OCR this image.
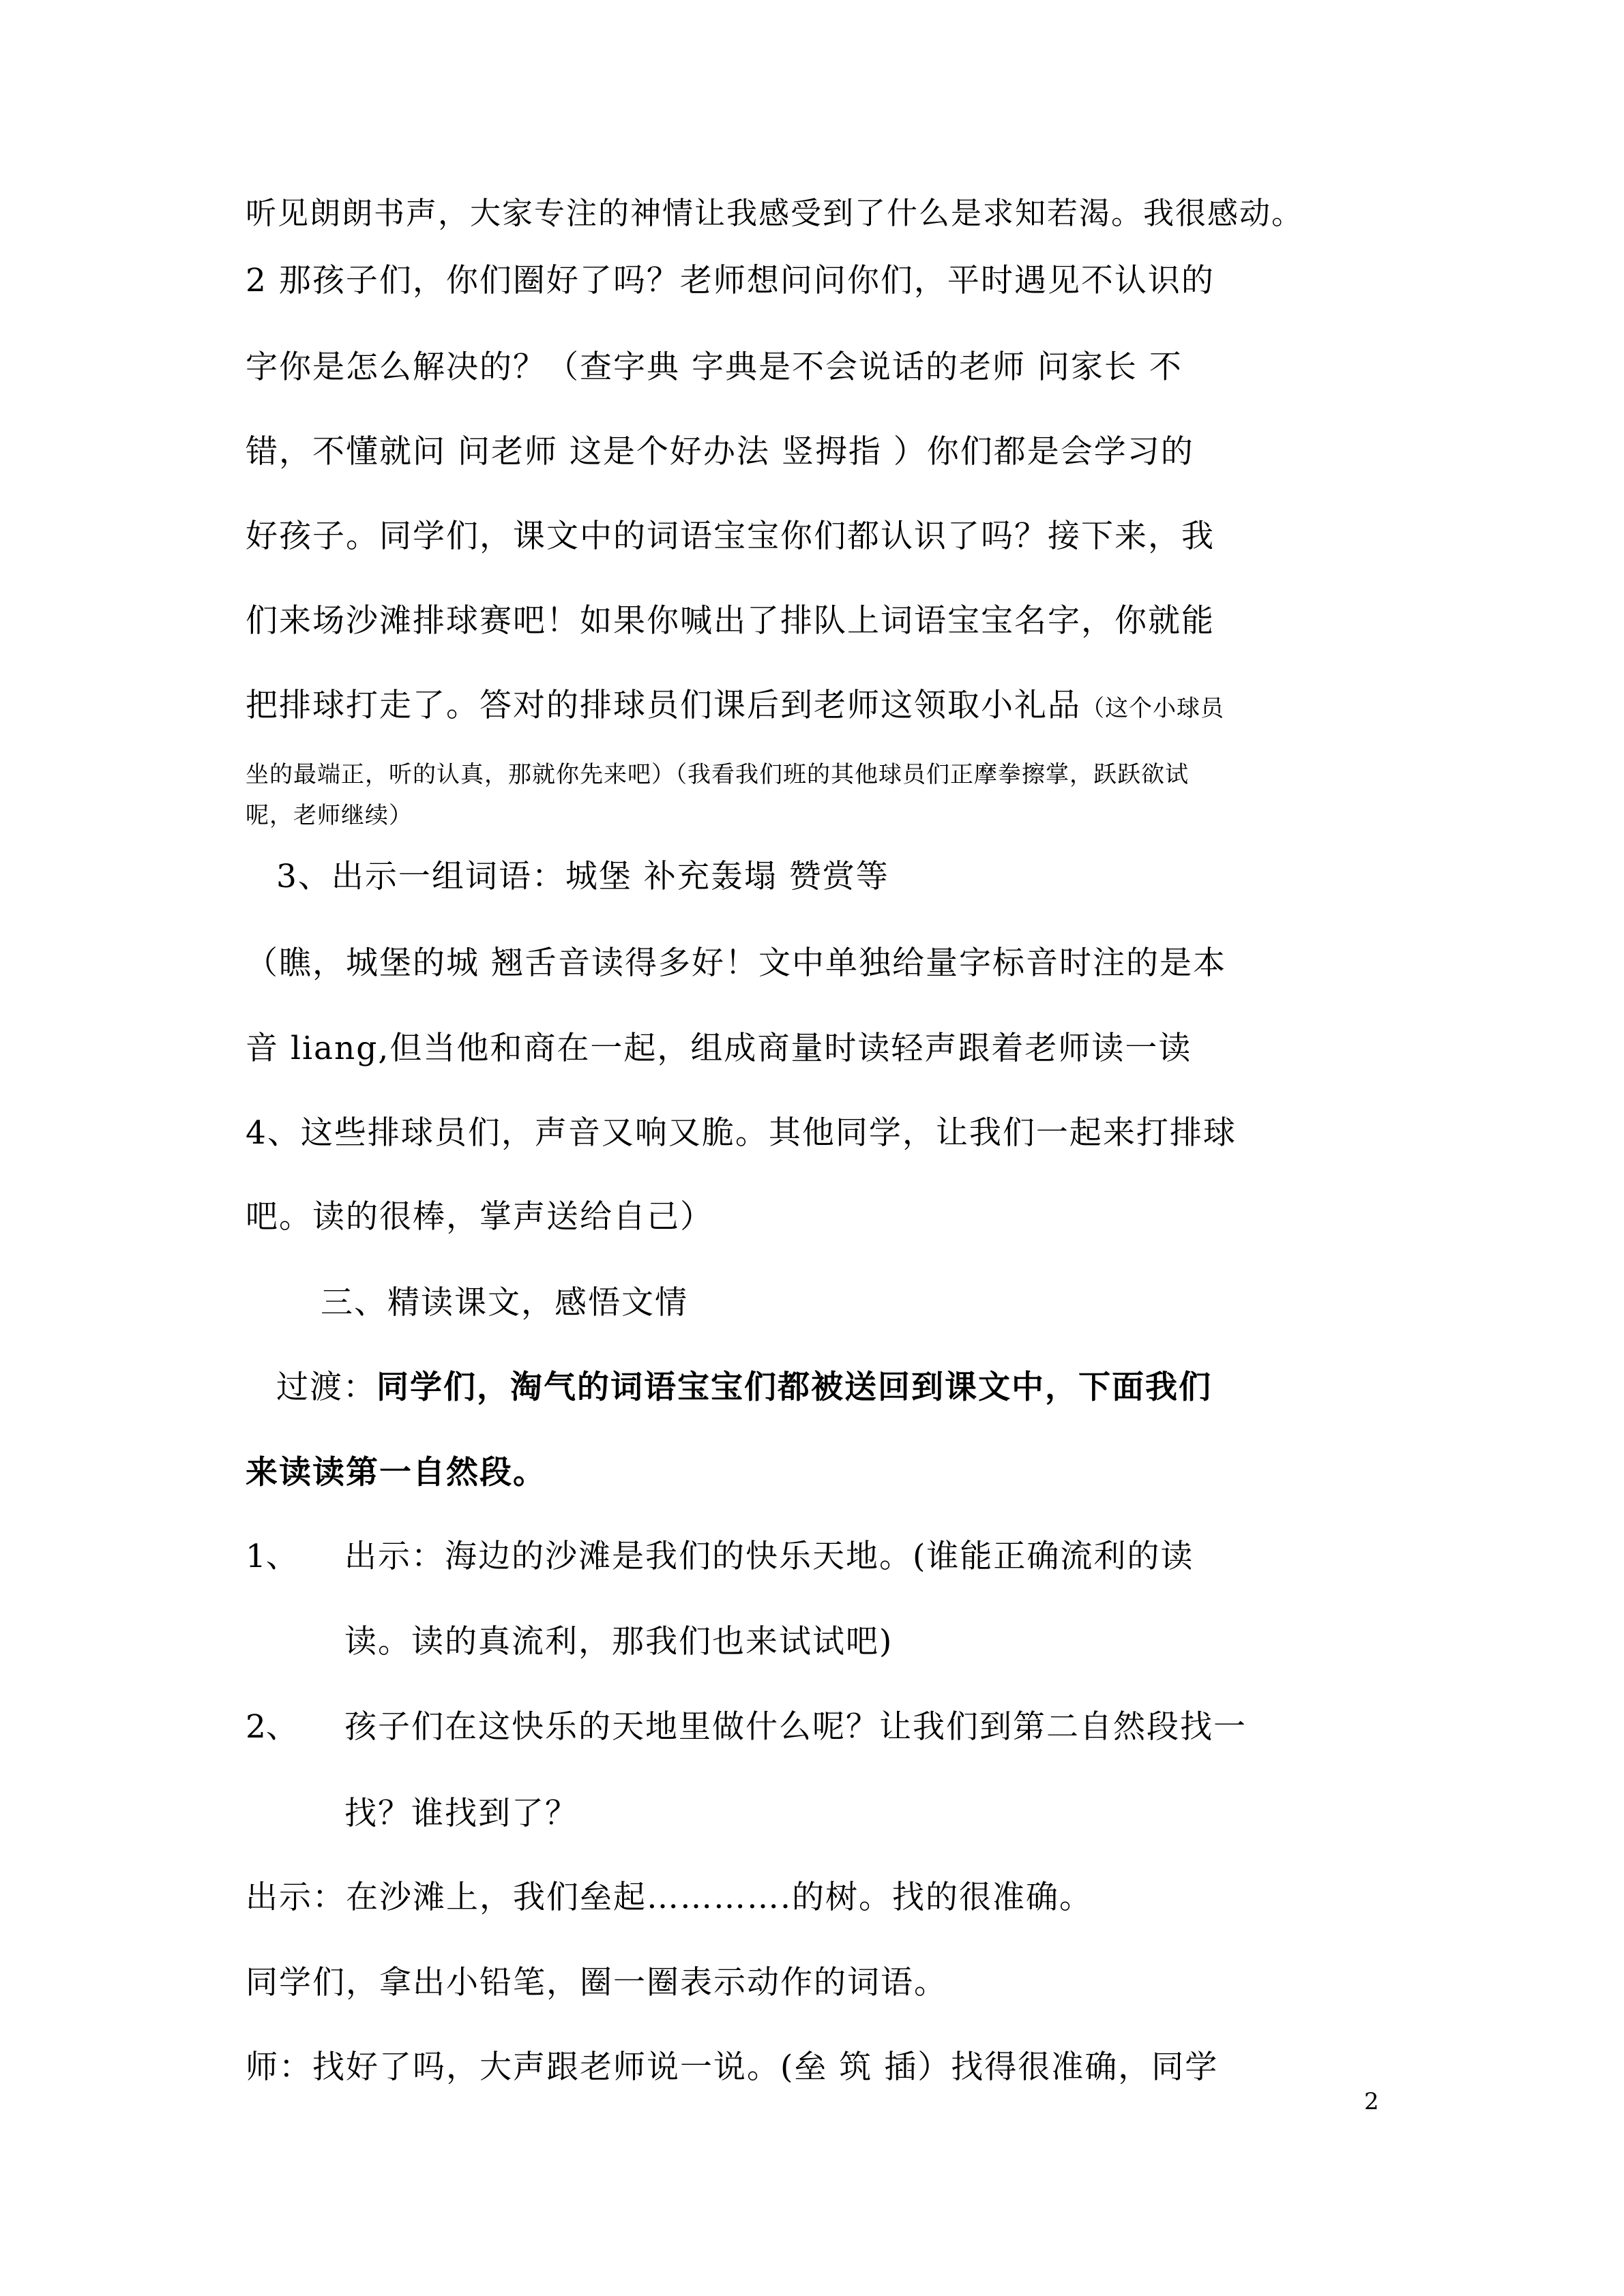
听见朗朗书声，大家专注的神情让我感受到了什么是求知若渴。我很感动。
2 那孩子们，你们圈好了吗？老师想问问你们，平时遇见不认识的
字你是怎么解决的？（查字典 字典是不会说话的老师 问家长 不
错，不懂就问 问老师 这是个好办法 竖拇指 ）你们都是会学习的
好孩子。同学们，课文中的词语宝宝你们都认识了吗？接下来，我
们来场沙滩排球赛吧！如果你喊出了排队上词语宝宝名字，你就能
把排球打走了。答对的排球员们课后到老师这领取小礼品（这个小球员
坐的最端正，听的认真，那就你先来吧）（我看我们班的其他球员们正摩拳擦掌，跃跃欲试
呢，老师继续）
3、出示一组词语：城堡 补充轰塌 赞赏等
（瞧，城堡的城 翘舌音读得多好！文中单独给量字标音时注的是本
音 liang,但当他和商在一起，组成商量时读轻声跟着老师读一读
4、这些排球员们，声音又响又脆。其他同学，让我们一起来打排球
吧。读的很棒，掌声送给自己）
三、精读课文，感悟文情
过渡：同学们，淘气的词语宝宝们都被送回到课文中，下面我们
来读读第一自然段。
1、 出示：海边的沙滩是我们的快乐天地。(谁能正确流利的读
读。读的真流利，那我们也来试试吧)
2、 孩子们在这快乐的天地里做什么呢？让我们到第二自然段找一
找？谁找到了？
出示：在沙滩上，我们垒起………….的树。找的很准确。
同学们，拿出小铅笔，圈一圈表示动作的词语。
师：找好了吗，大声跟老师说一说。(垒 筑 插）找得很准确，同学
2
